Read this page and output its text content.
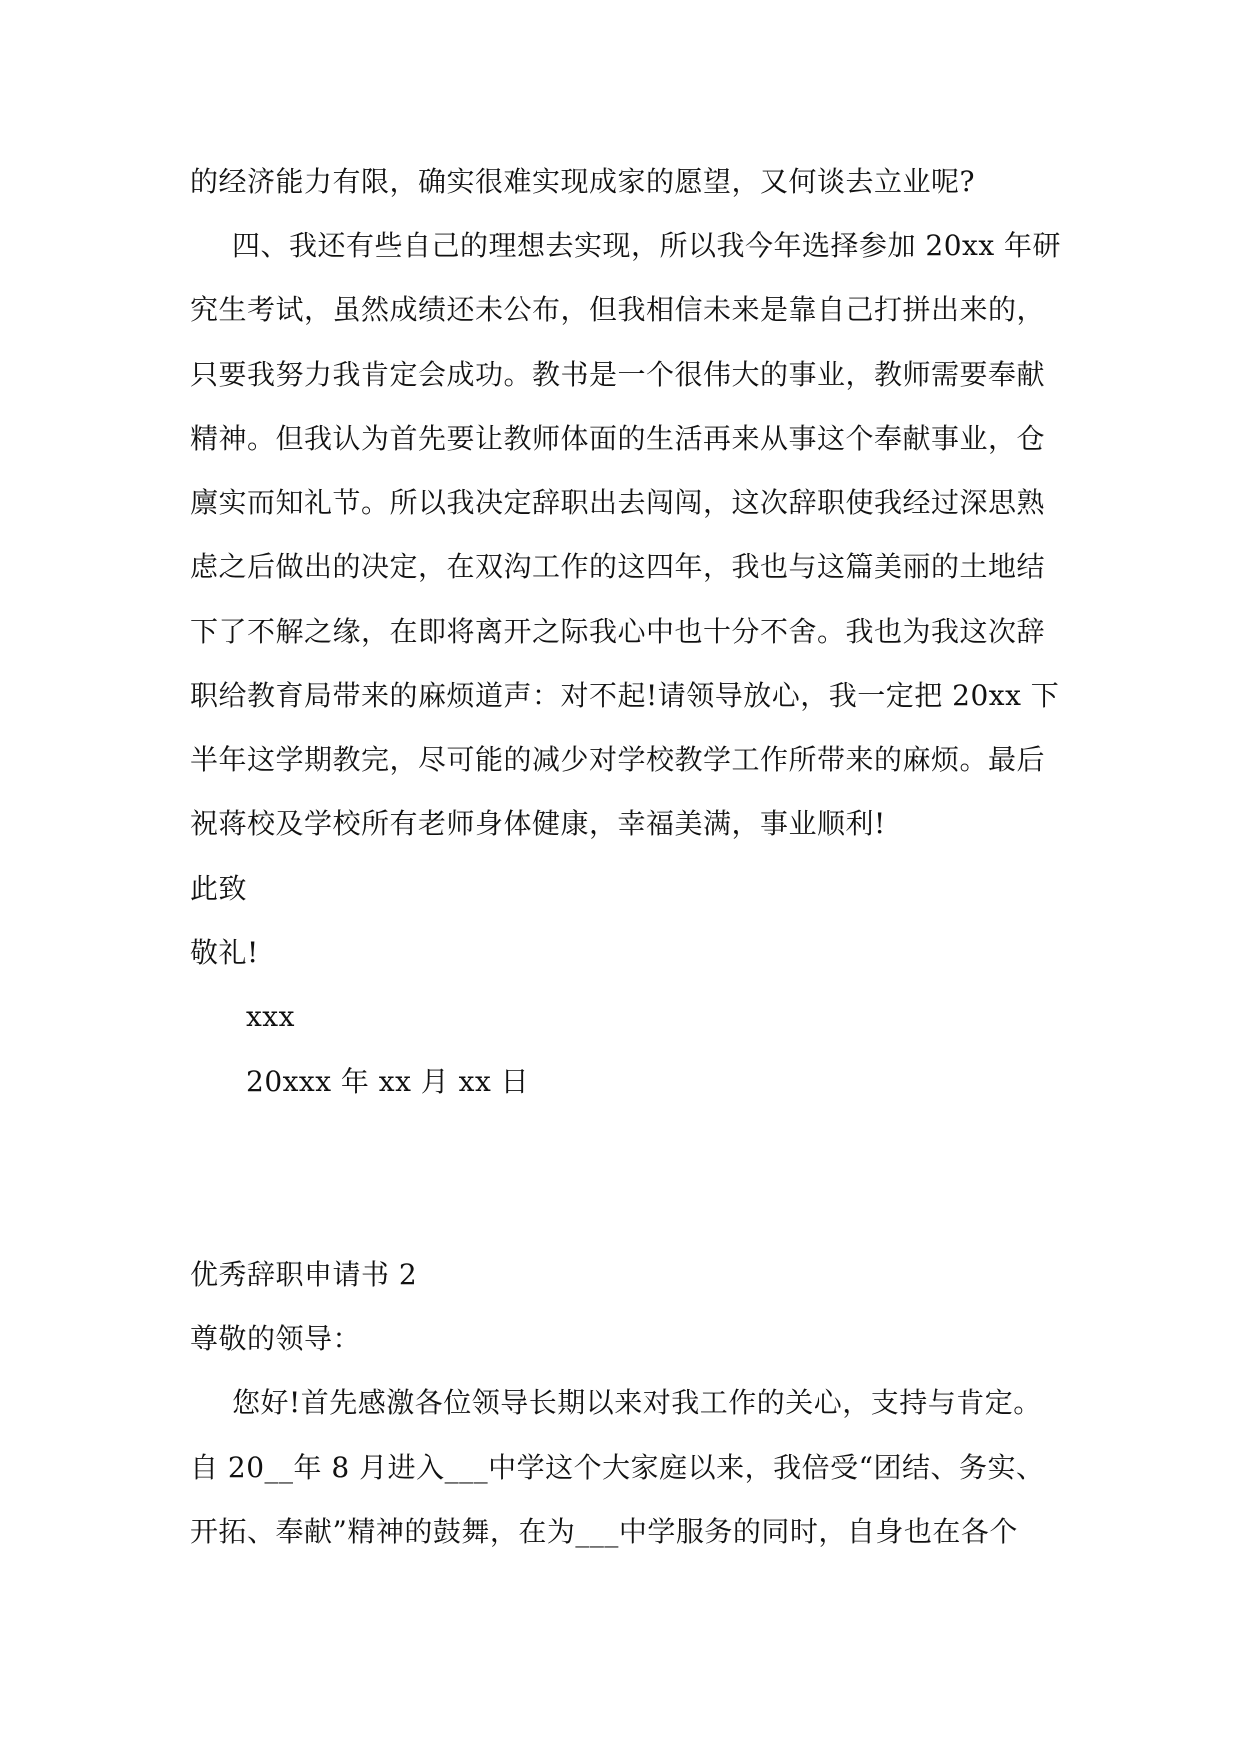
的经济能力有限，确实很难实现成家的愿望，又何谈去立业呢?
四、我还有些自己的理想去实现，所以我今年选择参加 20xx 年研
究生考试，虽然成绩还未公布，但我相信未来是靠自己打拼出来的，
只要我努力我肯定会成功。教书是一个很伟大的事业，教师需要奉献
精神。但我认为首先要让教师体面的生活再来从事这个奉献事业，仓
廪实而知礼节。所以我决定辞职出去闯闯，这次辞职使我经过深思熟
虑之后做出的决定，在双沟工作的这四年，我也与这篇美丽的土地结
下了不解之缘，在即将离开之际我心中也十分不舍。我也为我这次辞
职给教育局带来的麻烦道声：对不起!请领导放心，我一定把 20xx 下
半年这学期教完，尽可能的减少对学校教学工作所带来的麻烦。最后
祝蒋校及学校所有老师身体健康，幸福美满，事业顺利!
此致
敬礼!
xxx
20xxx 年 xx 月 xx 日
优秀辞职申请书 2
尊敬的领导：
您好!首先感激各位领导长期以来对我工作的关心，支持与肯定。
自 20__年 8 月进入___中学这个大家庭以来，我倍受“团结、务实、
开拓、奉献”精神的鼓舞，在为___中学服务的同时，自身也在各个
